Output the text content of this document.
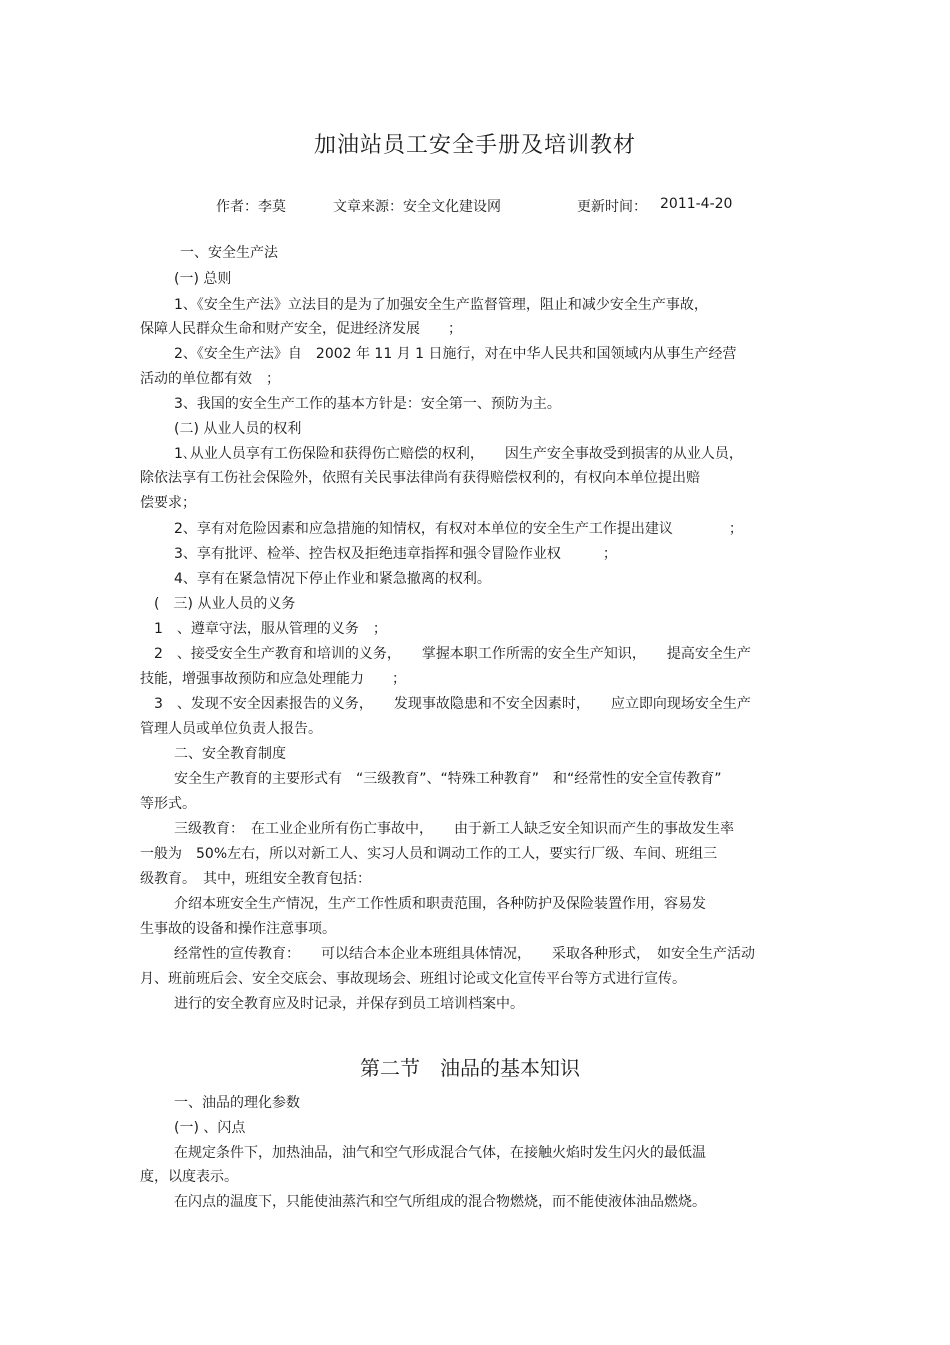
加油站员工安全手册及培训教材
作者：李莫	文章来源：安全文化建设网	更新时间： 2011-4-20
一、安全生产法
(一) 总则
1、《安全生产法》立法目的是为了加强安全生产监督管理，阻止和减少安全生产事故，
保障人民群众生命和财产安全，促进经济发展　　；
2、《安全生产法》自　2002 年 11 月 1 日施行，对在中华人民共和国领域内从事生产经营
活动的单位都有效　；
3、我国的安全生产工作的基本方针是：安全第一、预防为主。
(二) 从业人员的权利
1､从业人员享有工伤保险和获得伤亡赔偿的权利，　　因生产安全事故受到损害的从业人员，
除依法享有工伤社会保险外，依照有关民事法律尚有获得赔偿权利的，有权向本单位提出赔
偿要求；
2、享有对危险因素和应急措施的知情权，有权对本单位的安全生产工作提出建议　　　　；
3、享有批评、检举、控告权及拒绝违章指挥和强令冒险作业权　　　；
4、享有在紧急情况下停止作业和紧急撤离的权利。
(　三) 从业人员的义务
1　、遵章守法，服从管理的义务　；
2　、接受安全生产教育和培训的义务，　　掌握本职工作所需的安全生产知识，　　提高安全生产
技能，增强事故预防和应急处理能力　　；
3　、发现不安全因素报告的义务，　　发现事故隐患和不安全因素时，　　应立即向现场安全生产
管理人员或单位负责人报告。
二、安全教育制度
安全生产教育的主要形式有　“三级教育”、“特殊工种教育”　和“经常性的安全宣传教育”
等形式。
三级教育：　在工业企业所有伤亡事故中，　　由于新工人缺乏安全知识而产生的事故发生率
一般为　50%左右，所以对新工人、实习人员和调动工作的工人，要实行厂级、车间、班组三
级教育。　其中，班组安全教育包括：
介绍本班安全生产情况，生产工作性质和职责范围，各种防护及保险装置作用，容易发
生事故的设备和操作注意事项。
经常性的宣传教育：　　可以结合本企业本班组具体情况，　　采取各种形式，　如安全生产活动
月、班前班后会、安全交底会、事故现场会、班组讨论或文化宣传平台等方式进行宣传。
进行的安全教育应及时记录，并保存到员工培训档案中。
第二节　油品的基本知识
一、油品的理化参数
(一) 、闪点
在规定条件下，加热油品，油气和空气形成混合气体，在接触火焰时发生闪火的最低温
度，以度表示。
在闪点的温度下，只能使油蒸汽和空气所组成的混合物燃烧，而不能使液体油品燃烧。
